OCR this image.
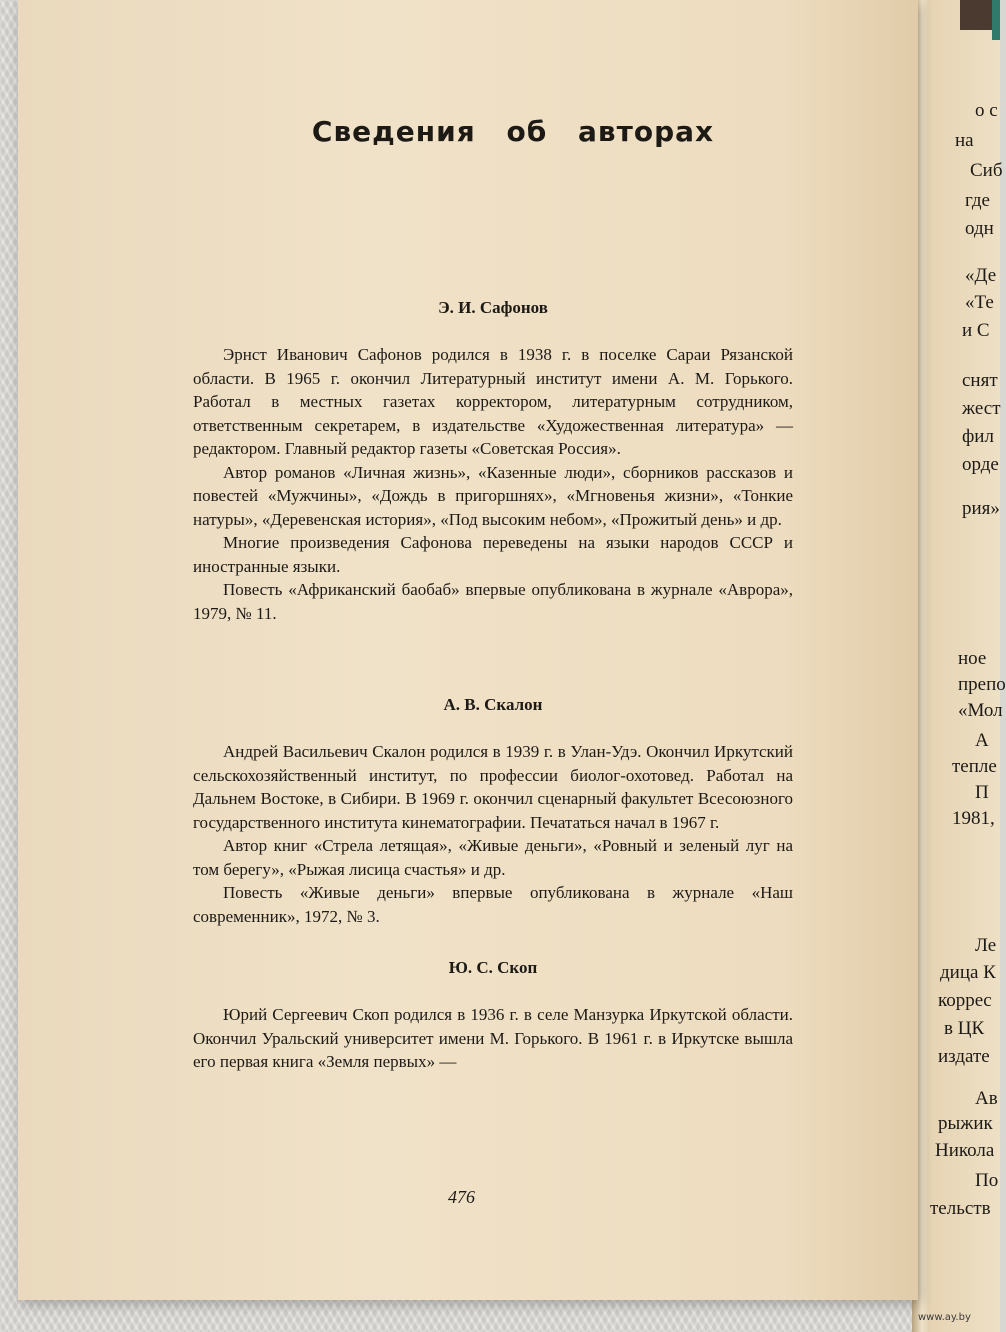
Сведения об авторах
Э. И. Сафонов

Эрнст Иванович Сафонов родился в 1938 г. в поселке Сараи Рязанской области. В 1965 г. окончил Литературный институт имени А. М. Горького. Работал в местных газетах корректором, литературным сотрудником, ответственным секретарем, в издательстве «Художественная литература» — редактором. Главный редактор газеты «Советская Россия».

Автор романов «Личная жизнь», «Казенные люди», сборников рассказов и повестей «Мужчины», «Дождь в пригоршнях», «Мгновенья жизни», «Тонкие натуры», «Деревенская история», «Под высоким небом», «Прожитый день» и др.

Многие произведения Сафонова переведены на языки народов СССР и иностранные языки.

Повесть «Африканский баобаб» впервые опубликована в журнале «Аврора», 1979, № 11.

А. В. Скалон

Андрей Васильевич Скалон родился в 1939 г. в Улан-Удэ. Окончил Иркутский сельскохозяйственный институт, по профессии биолог-охотовед. Работал на Дальнем Востоке, в Сибири. В 1969 г. окончил сценарный факультет Всесоюзного государственного института кинематографии. Печататься начал в 1967 г.

Автор книг «Стрела летящая», «Живые деньги», «Ровный и зеленый луг на том берегу», «Рыжая лисица счастья» и др.

Повесть «Живые деньги» впервые опубликована в журнале «Наш современник», 1972, № 3.

Ю. С. Скоп

Юрий Сергеевич Скоп родился в 1936 г. в селе Манзурка Иркутской области. Окончил Уральский университет имени М. Горького. В 1961 г. в Иркутске вышла его первая книга «Земля первых» —

476
о с
на
Сиб
где
одн
«Де
«Те
и С
снят
жест
фил
орде
рия»
ное
препо
«Мол
А
тепле
П
1981,
Ле
дица К
корреc
в ЦК
издате
Ав
рыжик
Никола
По
тельств
www.ay.by
